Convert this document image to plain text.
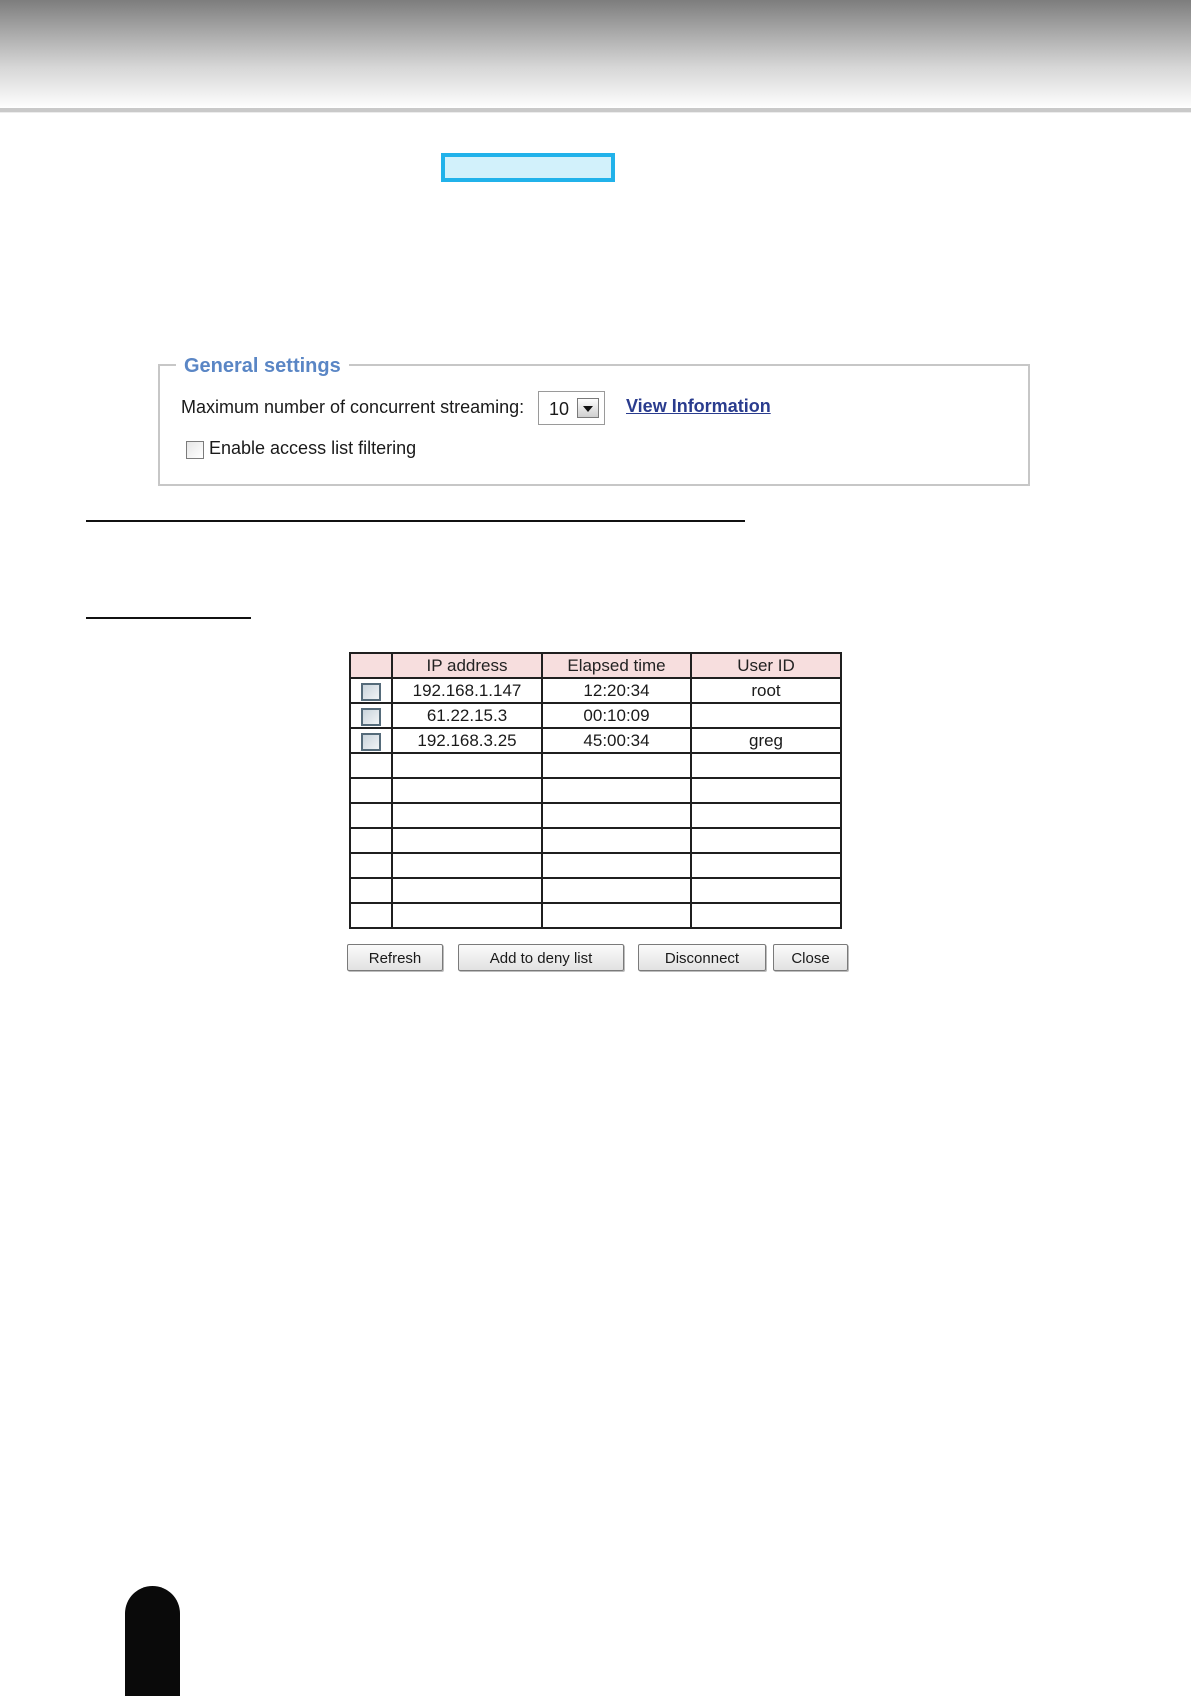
General settings
Maximum number of concurrent streaming: 10	View Information
Enable access list filtering
	IP address	Elapsed time	User ID
	192.168.1.147	12:20:34	root
	61.22.15.3	00:10:09	
	192.168.3.25	45:00:34	greg

Refresh	Add to deny list	Disconnect	Close
